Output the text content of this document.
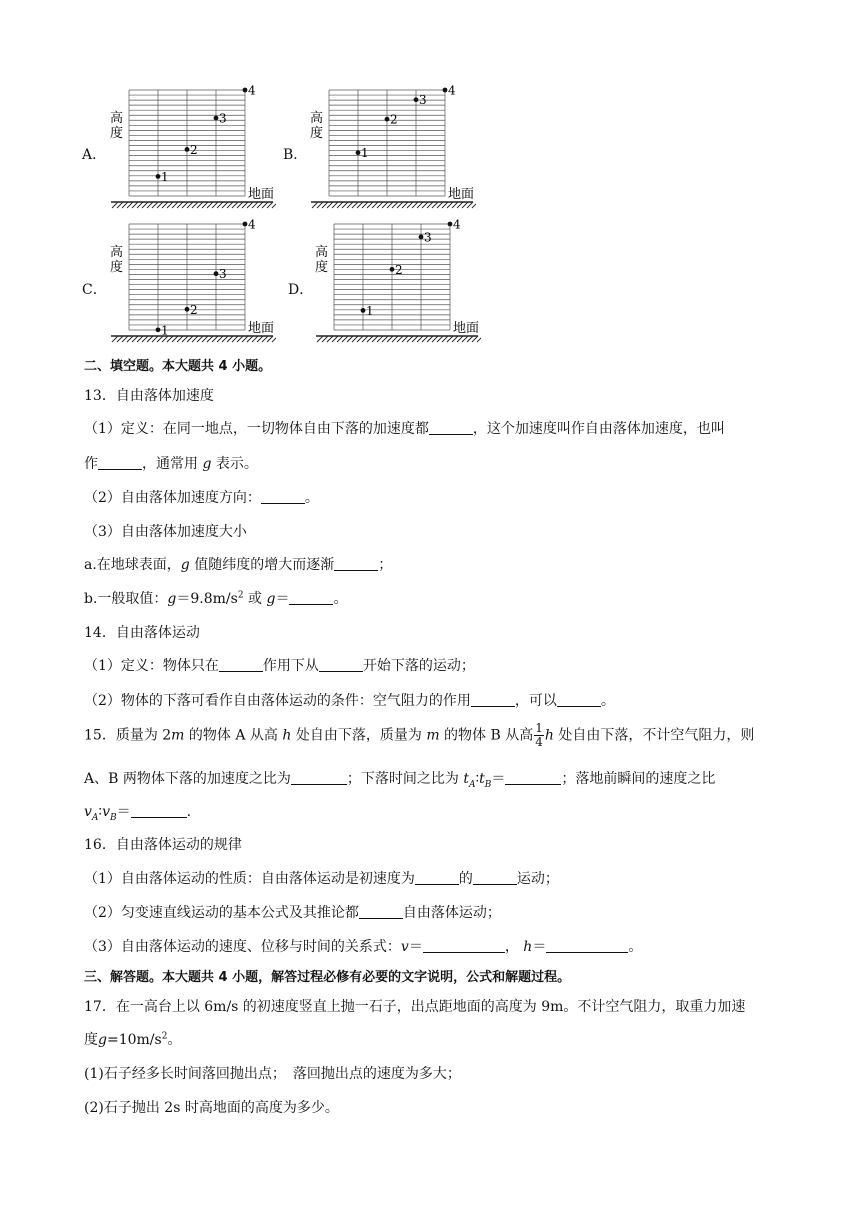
A．	B．
C．	D．
高
度
地面
1
2
3
4
高
度
地面
1
2
3
4
高
度
地面
1
2
3
4
高
度
地面
1
2
3
4
二、填空题。本大题共 4 小题。
13．自由落体加速度
（1）定义：在同一地点，一切物体自由下落的加速度都	，这个加速度叫作自由落体加速度，也叫
作	，通常用 g 表示。
（2）自由落体加速度方向：	。
（3）自由落体加速度大小
a.在地球表面，g 值随纬度的增大而逐渐	；
b.一般取值：$g=9.8m/s^2$ 或 g＝	。
14．自由落体运动
（1）定义：物体只在	作用下从	开始下落的运动；
（2）物体的下落可看作自由落体运动的条件：空气阻力的作用	，可以	。
15．质量为 2m 的物体 A 从高 h 处自由下落，质量为 m 的物体 B 从高 $\frac{1}{4}$ h 处自由下落，不计空气阻力，则
A、B 两物体下落的加速度之比为	；下落时间之比为 $t_A∶t_B=$	；落地前瞬间的速度之比
$v_A∶v_B=$	.
16．自由落体运动的规律
（1）自由落体运动的性质：自由落体运动是初速度为	的	运动；
（2）匀变速直线运动的基本公式及其推论都	自由落体运动；
（3）自由落体运动的速度、位移与时间的关系式：v＝	， h＝	。
三、解答题。本大题共 4 小题，解答过程必修有必要的文字说明，公式和解题过程。
17．在一高台上以 6m/s 的初速度竖直上抛一石子，出点距地面的高度为 9m。不计空气阻力，取重力加速
度$g=10m/s^2$。
(1)石子经多长时间落回抛出点；　落回抛出点的速度为多大；
(2)石子抛出 2s 时高地面的高度为多少。
